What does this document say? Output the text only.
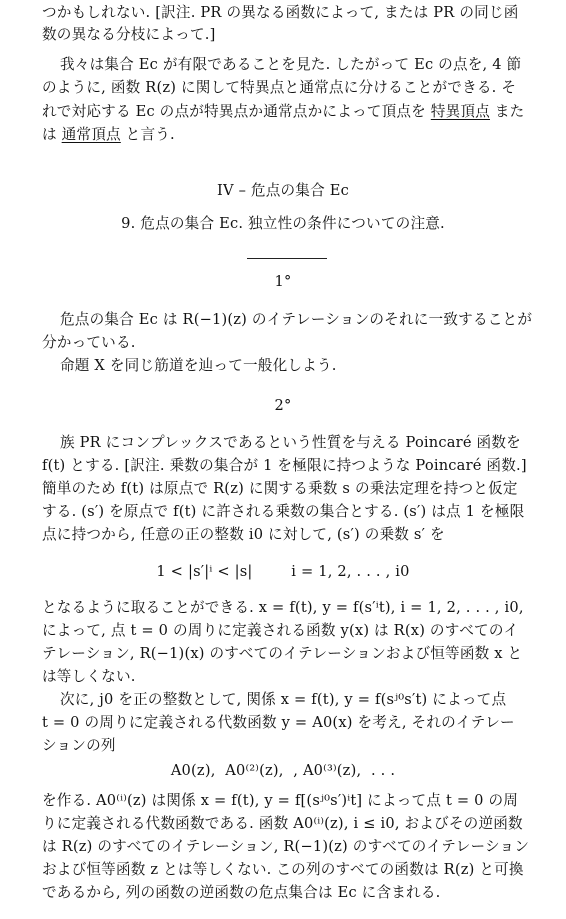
つかもしれない. [訳注. PR の異なる函数によって, または PR の同じ函
数の異なる分枝によって.]
我々は集合 Ec が有限であることを見た. したがって Ec の点を, 4 節
のように, 函数 R(z) に関して特異点と通常点に分けることができる. そ
れで対応する Ec の点が特異点か通常点かによって頂点を 特異頂点 また
は 通常頂点 と言う.
IV – 危点の集合 Ec
9. 危点の集合 Ec. 独立性の条件についての注意.
1°
危点の集合 Ec は R(−1)(z) のイテレーションのそれに一致することが
分かっている.
命題 X を同じ筋道を辿って一般化しよう.
2°
族 PR にコンプレックスであるという性質を与える Poincaré 函数を
f(t) とする. [訳注. 乗数の集合が 1 を極限に持つような Poincaré 函数.]
簡単のため f(t) は原点で R(z) に関する乗数 s の乗法定理を持つと仮定
する. (s′) を原点で f(t) に許される乗数の集合とする. (s′) は点 1 を極限
点に持つから, 任意の正の整数 i0 に対して, (s′) の乗数 s′ を
1 < |s′|ⁱ < |s|        i = 1, 2, . . . , i0
となるように取ることができる. x = f(t), y = f(s′ⁱt), i = 1, 2, . . . , i0,
によって, 点 t = 0 の周りに定義される函数 y(x) は R(x) のすべてのイ
テレーション, R(−1)(x) のすべてのイテレーションおよび恒等函数 x と
は等しくない.
次に, j0 を正の整数として, 関係 x = f(t), y = f(sʲ⁰s′t) によって点
t = 0 の周りに定義される代数函数 y = A0(x) を考え, それのイテレー
ションの列
A0(z),  A0⁽²⁾(z),  , A0⁽³⁾(z),  . . .
を作る. A0⁽ⁱ⁾(z) は関係 x = f(t), y = f[(sʲ⁰s′)ⁱt] によって点 t = 0 の周
りに定義される代数函数である. 函数 A0⁽ⁱ⁾(z), i ≤ i0, およびその逆函数
は R(z) のすべてのイテレーション, R(−1)(z) のすべてのイテレーション
および恒等函数 z とは等しくない. この列のすべての函数は R(z) と可換
であるから, 列の函数の逆函数の危点集合は Ec に含まれる.
